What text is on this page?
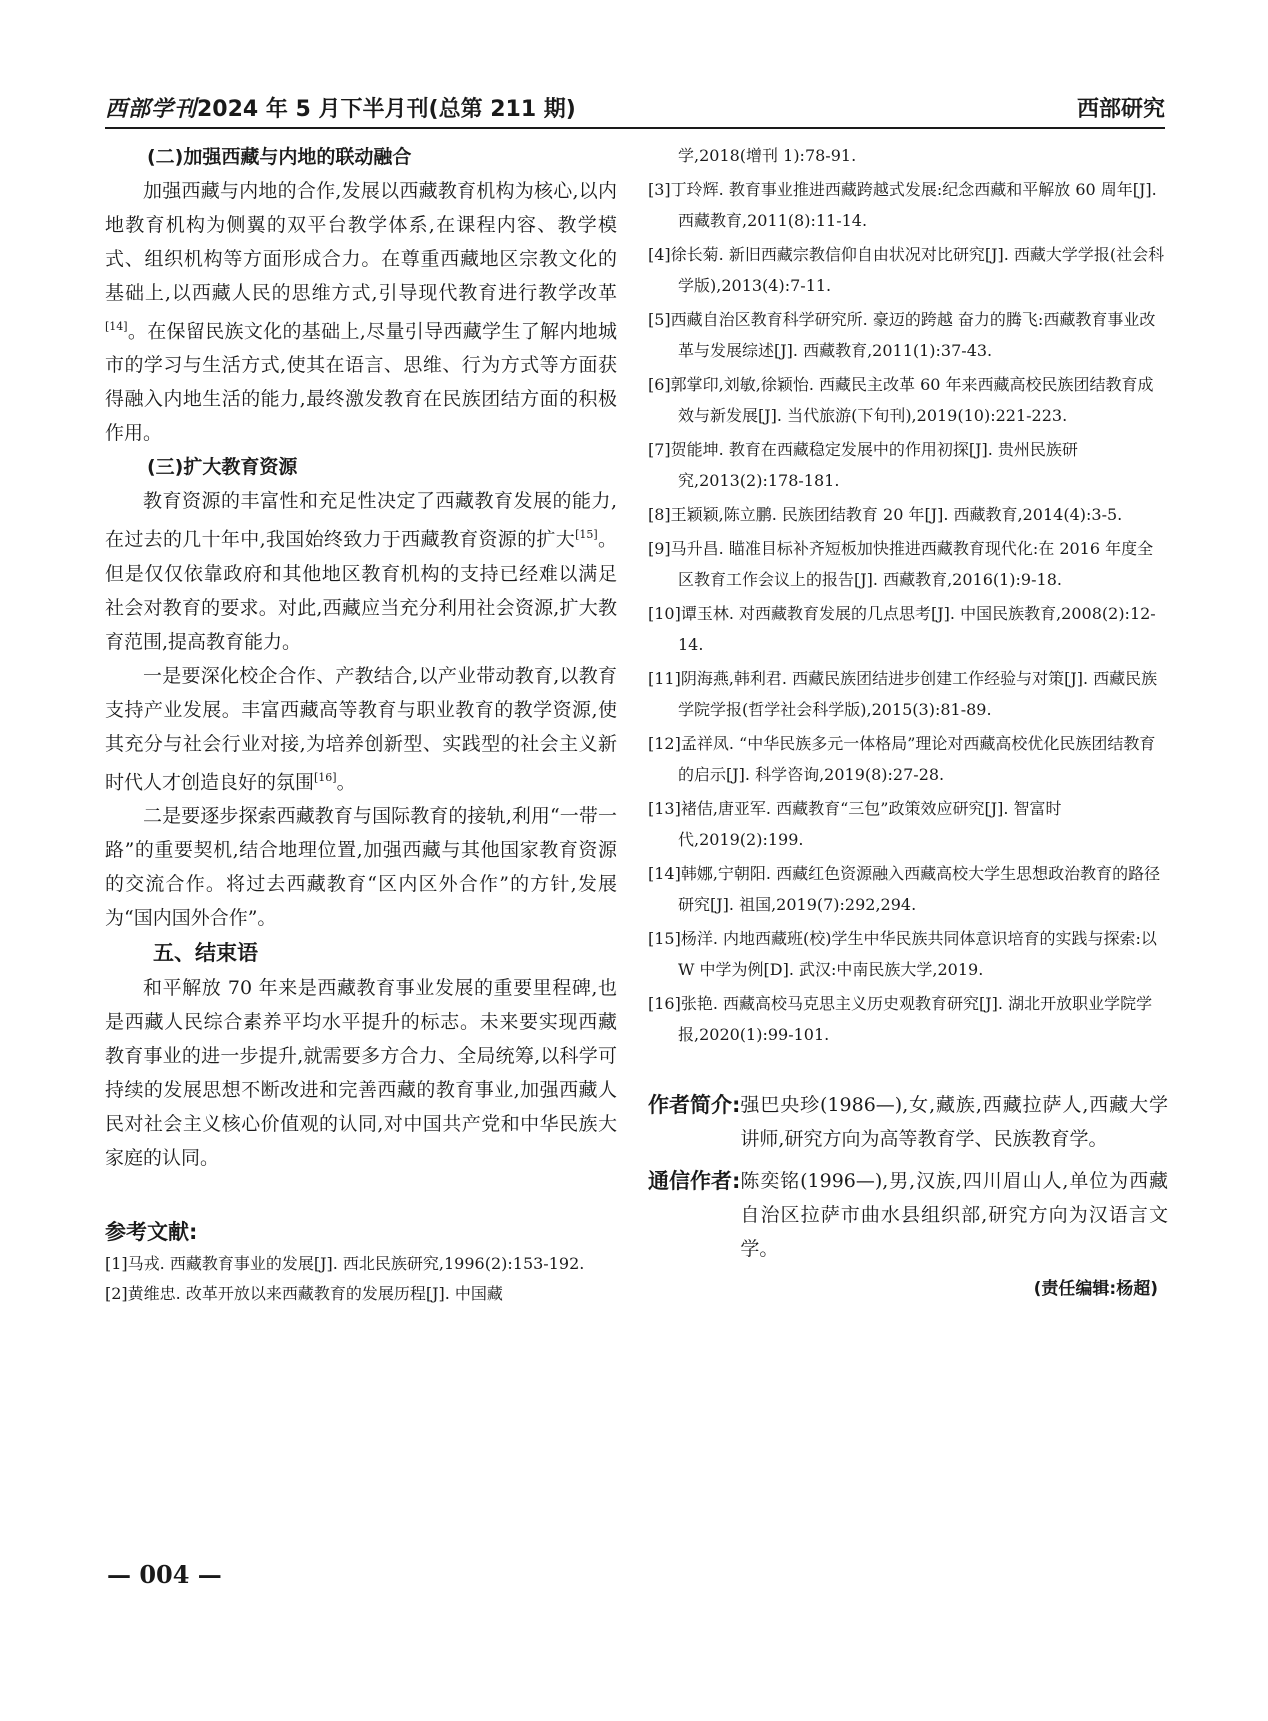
西部学刊 2024 年 5 月下半月刊(总第 211 期)	西部研究
(二)加强西藏与内地的联动融合

加强西藏与内地的合作,发展以西藏教育机构为核心,以内地教育机构为侧翼的双平台教学体系,在课程内容、教学模式、组织机构等方面形成合力。在尊重西藏地区宗教文化的基础上,以西藏人民的思维方式,引导现代教育进行教学改革[14]。在保留民族文化的基础上,尽量引导西藏学生了解内地城市的学习与生活方式,使其在语言、思维、行为方式等方面获得融入内地生活的能力,最终激发教育在民族团结方面的积极作用。

(三)扩大教育资源

教育资源的丰富性和充足性决定了西藏教育发展的能力,在过去的几十年中,我国始终致力于西藏教育资源的扩大[15]。但是仅仅依靠政府和其他地区教育机构的支持已经难以满足社会对教育的要求。对此,西藏应当充分利用社会资源,扩大教育范围,提高教育能力。

一是要深化校企合作、产教结合,以产业带动教育,以教育支持产业发展。丰富西藏高等教育与职业教育的教学资源,使其充分与社会行业对接,为培养创新型、实践型的社会主义新时代人才创造良好的氛围[16]。

二是要逐步探索西藏教育与国际教育的接轨,利用“一带一路”的重要契机,结合地理位置,加强西藏与其他国家教育资源的交流合作。将过去西藏教育“区内区外合作”的方针,发展为“国内国外合作”。

五、结束语

和平解放 70 年来是西藏教育事业发展的重要里程碑,也是西藏人民综合素养平均水平提升的标志。未来要实现西藏教育事业的进一步提升,就需要多方合力、全局统筹,以科学可持续的发展思想不断改进和完善西藏的教育事业,加强西藏人民对社会主义核心价值观的认同,对中国共产党和中华民族大家庭的认同。

参考文献:

[1]马戎. 西藏教育事业的发展[J]. 西北民族研究,1996(2):153-192.

[2]黄维忠. 改革开放以来西藏教育的发展历程[J]. 中国藏

学,2018(增刊 1):78-91.

[3]丁玲辉. 教育事业推进西藏跨越式发展:纪念西藏和平解放 60 周年[J]. 西藏教育,2011(8):11-14.

[4]徐长菊. 新旧西藏宗教信仰自由状况对比研究[J]. 西藏大学学报(社会科学版),2013(4):7-11.

[5]西藏自治区教育科学研究所. 豪迈的跨越 奋力的腾飞:西藏教育事业改革与发展综述[J]. 西藏教育,2011(1):37-43.

[6]郭掌印,刘敏,徐颖怡. 西藏民主改革 60 年来西藏高校民族团结教育成效与新发展[J]. 当代旅游(下旬刊),2019(10):221-223.

[7]贺能坤. 教育在西藏稳定发展中的作用初探[J]. 贵州民族研究,2013(2):178-181.

[8]王颖颖,陈立鹏. 民族团结教育 20 年[J]. 西藏教育,2014(4):3-5.

[9]马升昌. 瞄准目标补齐短板加快推进西藏教育现代化:在 2016 年度全区教育工作会议上的报告[J]. 西藏教育,2016(1):9-18.

[10]谭玉林. 对西藏教育发展的几点思考[J]. 中国民族教育,2008(2):12-14.

[11]阴海燕,韩利君. 西藏民族团结进步创建工作经验与对策[J]. 西藏民族学院学报(哲学社会科学版),2015(3):81-89.

[12]孟祥凤. “中华民族多元一体格局”理论对西藏高校优化民族团结教育的启示[J]. 科学咨询,2019(8):27-28.

[13]褚佶,唐亚军. 西藏教育“三包”政策效应研究[J]. 智富时代,2019(2):199.

[14]韩娜,宁朝阳. 西藏红色资源融入西藏高校大学生思想政治教育的路径研究[J]. 祖国,2019(7):292,294.

[15]杨洋. 内地西藏班(校)学生中华民族共同体意识培育的实践与探索:以 W 中学为例[D]. 武汉:中南民族大学,2019.

[16]张艳. 西藏高校马克思主义历史观教育研究[J]. 湖北开放职业学院学报,2020(1):99-101.

作者简介: 强巴央珍(1986—),女,藏族,西藏拉萨人,西藏大学讲师,研究方向为高等教育学、民族教育学。
通信作者: 陈奕铭(1996—),男,汉族,四川眉山人,单位为西藏自治区拉萨市曲水县组织部,研究方向为汉语言文学。
(责任编辑:杨超)
— 004 —
